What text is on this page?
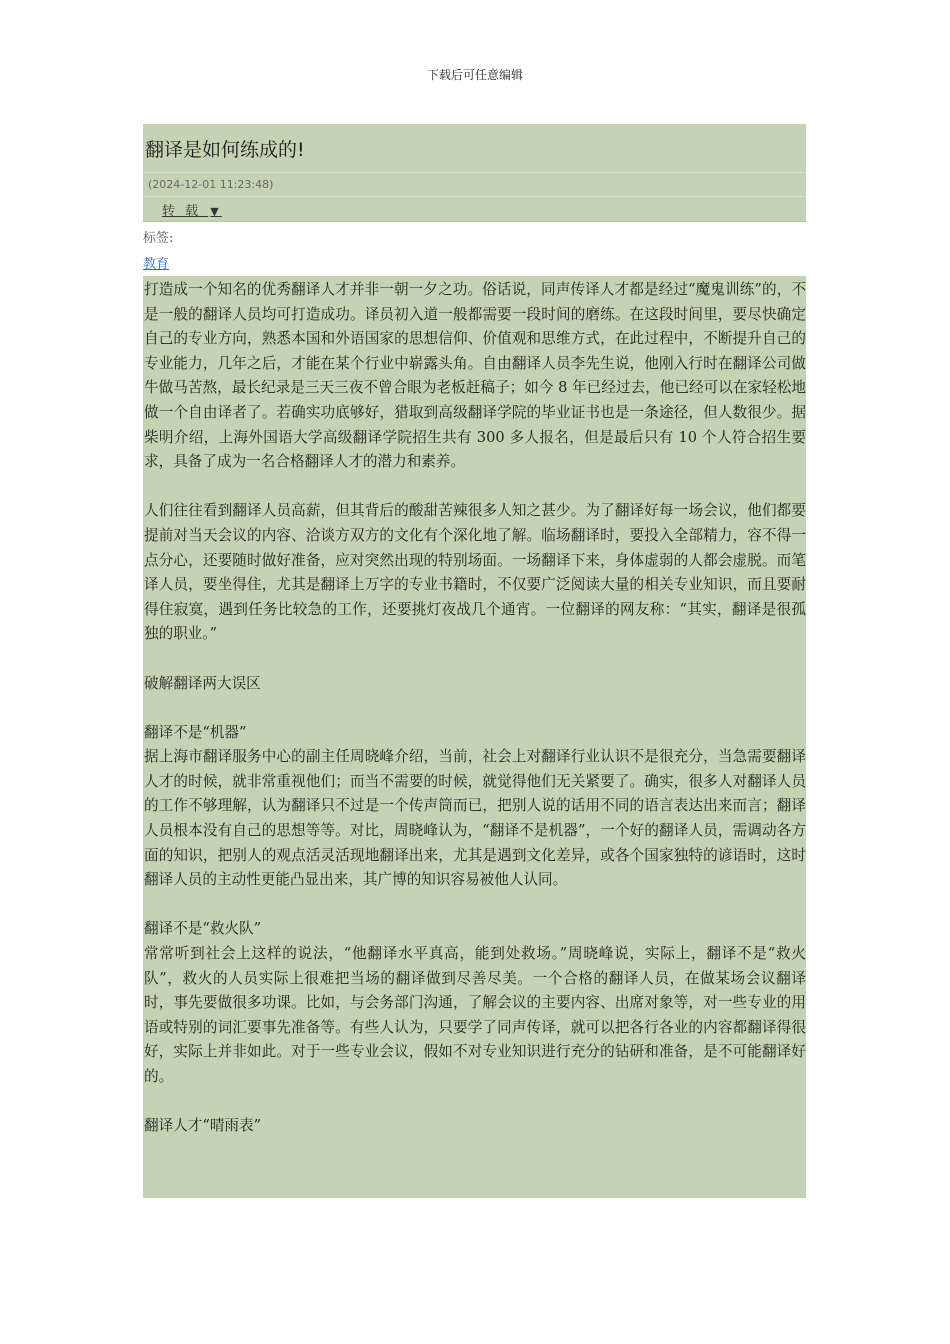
下载后可任意编辑
翻译是如何练成的!
(2024-12-01 11:23:48)
转 载 ▼
标签:
教育

打造成一个知名的优秀翻译人才并非一朝一夕之功。俗话说，同声传译人才都是经过“魔鬼训练”的，不是一般的翻译人员均可打造成功。译员初入道一般都需要一段时间的磨练。在这段时间里，要尽快确定自己的专业方向，熟悉本国和外语国家的思想信仰、价值观和思维方式，在此过程中，不断提升自己的专业能力，几年之后，才能在某个行业中崭露头角。自由翻译人员李先生说，他刚入行时在翻译公司做牛做马苦熬，最长纪录是三天三夜不曾合眼为老板赶稿子；如今 8 年已经过去，他已经可以在家轻松地做一个自由译者了。若确实功底够好，猎取到高级翻译学院的毕业证书也是一条途径，但人数很少。据柴明介绍，上海外国语大学高级翻译学院招生共有 300 多人报名，但是最后只有 10 个人符合招生要求，具备了成为一名合格翻译人才的潜力和素养。

人们往往看到翻译人员高薪，但其背后的酸甜苦辣很多人知之甚少。为了翻译好每一场会议，他们都要提前对当天会议的内容、洽谈方双方的文化有个深化地了解。临场翻译时，要投入全部精力，容不得一点分心，还要随时做好准备，应对突然出现的特别场面。一场翻译下来，身体虚弱的人都会虚脱。而笔译人员，要坐得住，尤其是翻译上万字的专业书籍时，不仅要广泛阅读大量的相关专业知识，而且要耐得住寂寞，遇到任务比较急的工作，还要挑灯夜战几个通宵。一位翻译的网友称：“其实，翻译是很孤独的职业。”

破解翻译两大误区

翻译不是“机器”

据上海市翻译服务中心的副主任周晓峰介绍，当前，社会上对翻译行业认识不是很充分，当急需要翻译人才的时候，就非常重视他们；而当不需要的时候，就觉得他们无关紧要了。确实，很多人对翻译人员的工作不够理解，认为翻译只不过是一个传声筒而已，把别人说的话用不同的语言表达出来而言；翻译人员根本没有自己的思想等等。对比，周晓峰认为，“翻译不是机器”，一个好的翻译人员，需调动各方面的知识，把别人的观点活灵活现地翻译出来，尤其是遇到文化差异，或各个国家独特的谚语时，这时翻译人员的主动性更能凸显出来，其广博的知识容易被他人认同。

翻译不是“救火队”

常常听到社会上这样的说法，“他翻译水平真高，能到处救场。”周晓峰说，实际上，翻译不是“救火队”，救火的人员实际上很难把当场的翻译做到尽善尽美。一个合格的翻译人员，在做某场会议翻译时，事先要做很多功课。比如，与会务部门沟通，了解会议的主要内容、出席对象等，对一些专业的用语或特别的词汇要事先准备等。有些人认为，只要学了同声传译，就可以把各行各业的内容都翻译得很好，实际上并非如此。对于一些专业会议，假如不对专业知识进行充分的钻研和准备，是不可能翻译好的。

翻译人才“晴雨表”
